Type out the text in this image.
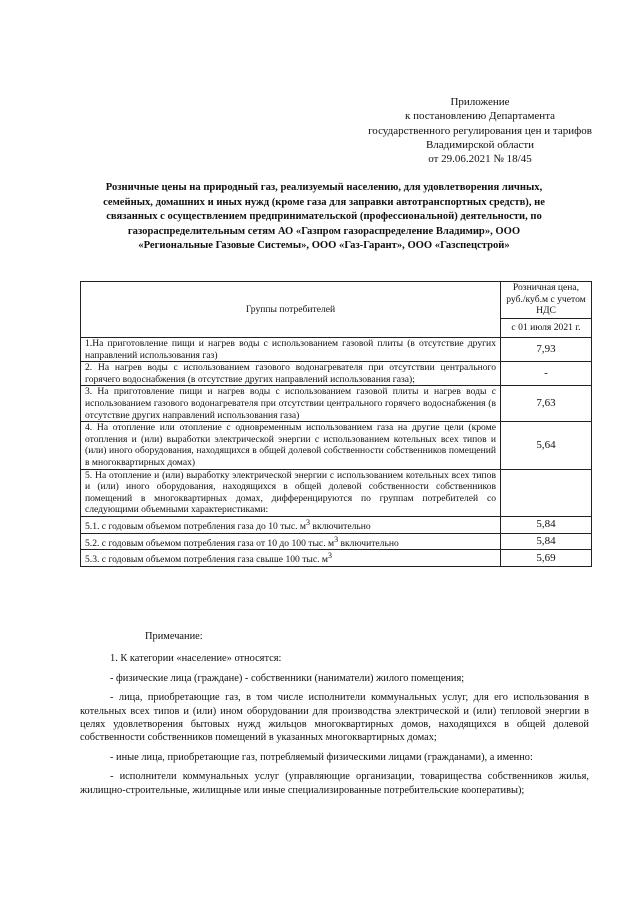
Приложение
к постановлению Департамента
государственного регулирования цен и тарифов
Владимирской области
от 29.06.2021 № 18/45
Розничные цены на природный газ, реализуемый населению, для удовлетворения личных, семейных, домашних и иных нужд (кроме газа для заправки автотранспортных средств), не связанных с осуществлением предпринимательской (профессиональной) деятельности, по газораспределительным сетям АО «Газпром газораспределение Владимир», ООО «Региональные Газовые Системы», ООО «Газ-Гарант», ООО «Газспецстрой»
Группы потребителей	Розничная цена, руб./куб.м с учетом НДС
	с 01 июля 2021 г.
1.На приготовление пищи и нагрев воды с использованием газовой плиты (в отсутствие других направлений использования газ)	7,93
2. На нагрев воды с использованием газового водонагревателя при отсутствии центрального горячего водоснабжения (в отсутствие других направлений использования газа);	-
3. На приготовление пищи и нагрев воды с использованием газовой плиты и нагрев воды с использованием газового водонагревателя при отсутствии центрального горячего водоснабжения (в отсутствие других направлений использования газа)	7,63
4. На отопление или отопление с одновременным использованием газа на другие цели (кроме отопления и (или) выработки электрической энергии с использованием котельных всех типов и (или) иного оборудования, находящихся в общей долевой собственности собственников помещений в многоквартирных домах)	5,64
5. На отопление и (или) выработку электрической энергии с использованием котельных всех типов и (или) иного оборудования, находящихся в общей долевой собственности собственников помещений в многоквартирных домах, дифференцируются по группам потребителей со следующими объемными характеристиками:	
5.1. с годовым объемом потребления газа до 10 тыс. $м^3$ включительно	5,84
5.2. с годовым объемом потребления газа от 10 до 100 тыс. $м^3$ включительно	5,84
5.3. с годовым объемом потребления газа свыше 100 тыс. $м^3$	5,69

Примечание:

1. К категории «население» относятся:

- физические лица (граждане) - собственники (наниматели) жилого помещения;

- лица, приобретающие газ, в том числе исполнители коммунальных услуг, для его использования в котельных всех типов и (или) ином оборудовании для производства электрической и (или) тепловой энергии в целях удовлетворения бытовых нужд жильцов многоквартирных домов, находящихся в общей долевой собственности собственников помещений в указанных многоквартирных домах;

- иные лица, приобретающие газ, потребляемый физическими лицами (гражданами), а именно:

- исполнители коммунальных услуг (управляющие организации, товарищества собственников жилья, жилищно-строительные, жилищные или иные специализированные потребительские кооперативы);
